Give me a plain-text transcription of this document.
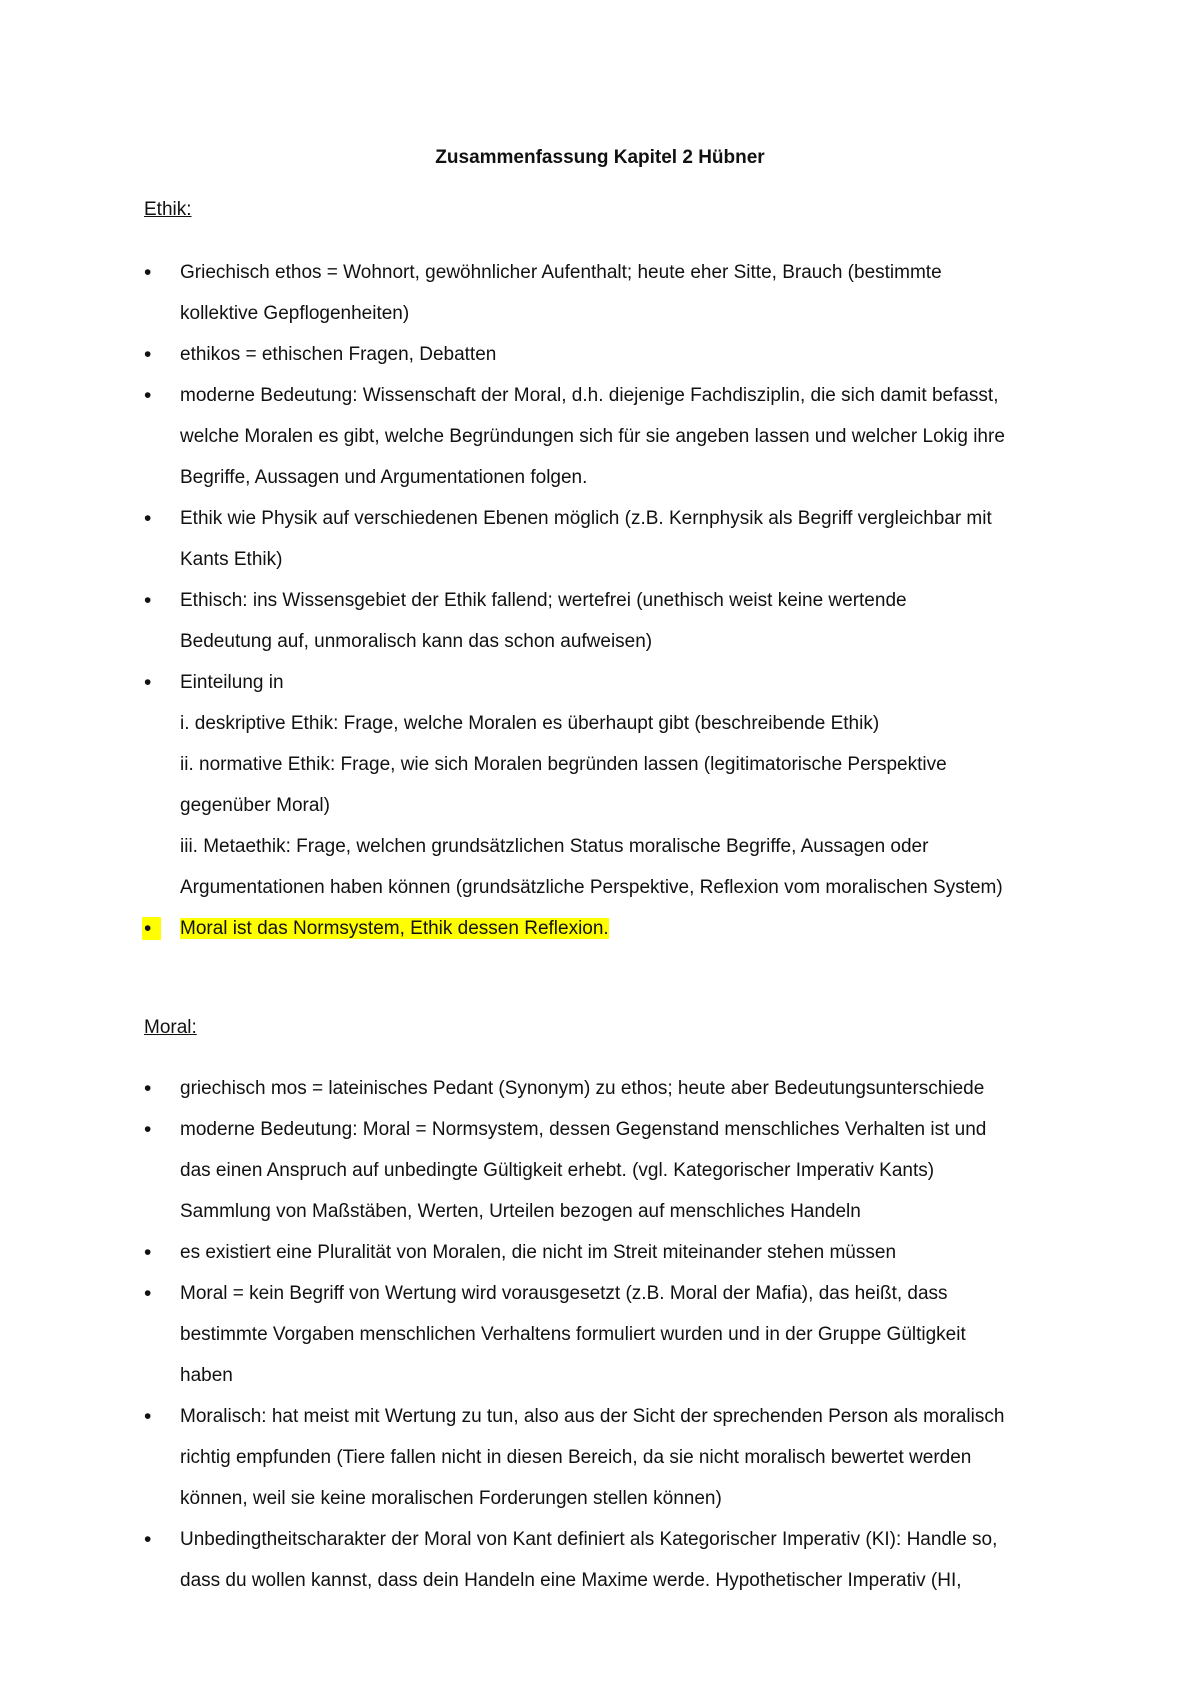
Zusammenfassung Kapitel 2 Hübner
Ethik:
•	Griechisch ethos = Wohnort, gewöhnlicher Aufenthalt; heute eher Sitte, Brauch (bestimmte
kollektive Gepflogenheiten)
•	ethikos = ethischen Fragen, Debatten
•	moderne Bedeutung: Wissenschaft der Moral, d.h. diejenige Fachdisziplin, die sich damit befasst,
welche Moralen es gibt, welche Begründungen sich für sie angeben lassen und welcher Lokig ihre
Begriffe, Aussagen und Argumentationen folgen.
•	Ethik wie Physik auf verschiedenen Ebenen möglich (z.B. Kernphysik als Begriff vergleichbar mit
Kants Ethik)
•	Ethisch: ins Wissensgebiet der Ethik fallend; wertefrei (unethisch weist keine wertende
Bedeutung auf, unmoralisch kann das schon aufweisen)
•	Einteilung in
i. deskriptive Ethik: Frage, welche Moralen es überhaupt gibt (beschreibende Ethik)
ii. normative Ethik: Frage, wie sich Moralen begründen lassen (legitimatorische Perspektive
gegenüber Moral)
iii. Metaethik: Frage, welchen grundsätzlichen Status moralische Begriffe, Aussagen oder
Argumentationen haben können (grundsätzliche Perspektive, Reflexion vom moralischen System)
•	Moral ist das Normsystem, Ethik dessen Reflexion.
Moral:
•	griechisch mos = lateinisches Pedant (Synonym) zu ethos; heute aber Bedeutungsunterschiede
•	moderne Bedeutung: Moral = Normsystem, dessen Gegenstand menschliches Verhalten ist und
das einen Anspruch auf unbedingte Gültigkeit erhebt. (vgl. Kategorischer Imperativ Kants)
Sammlung von Maßstäben, Werten, Urteilen bezogen auf menschliches Handeln
•	es existiert eine Pluralität von Moralen, die nicht im Streit miteinander stehen müssen
•	Moral = kein Begriff von Wertung wird vorausgesetzt (z.B. Moral der Mafia), das heißt, dass
bestimmte Vorgaben menschlichen Verhaltens formuliert wurden und in der Gruppe Gültigkeit
haben
•	Moralisch: hat meist mit Wertung zu tun, also aus der Sicht der sprechenden Person als moralisch
richtig empfunden (Tiere fallen nicht in diesen Bereich, da sie nicht moralisch bewertet werden
können, weil sie keine moralischen Forderungen stellen können)
•	Unbedingtheitscharakter der Moral von Kant definiert als Kategorischer Imperativ (KI): Handle so,
dass du wollen kannst, dass dein Handeln eine Maxime werde. Hypothetischer Imperativ (HI,
